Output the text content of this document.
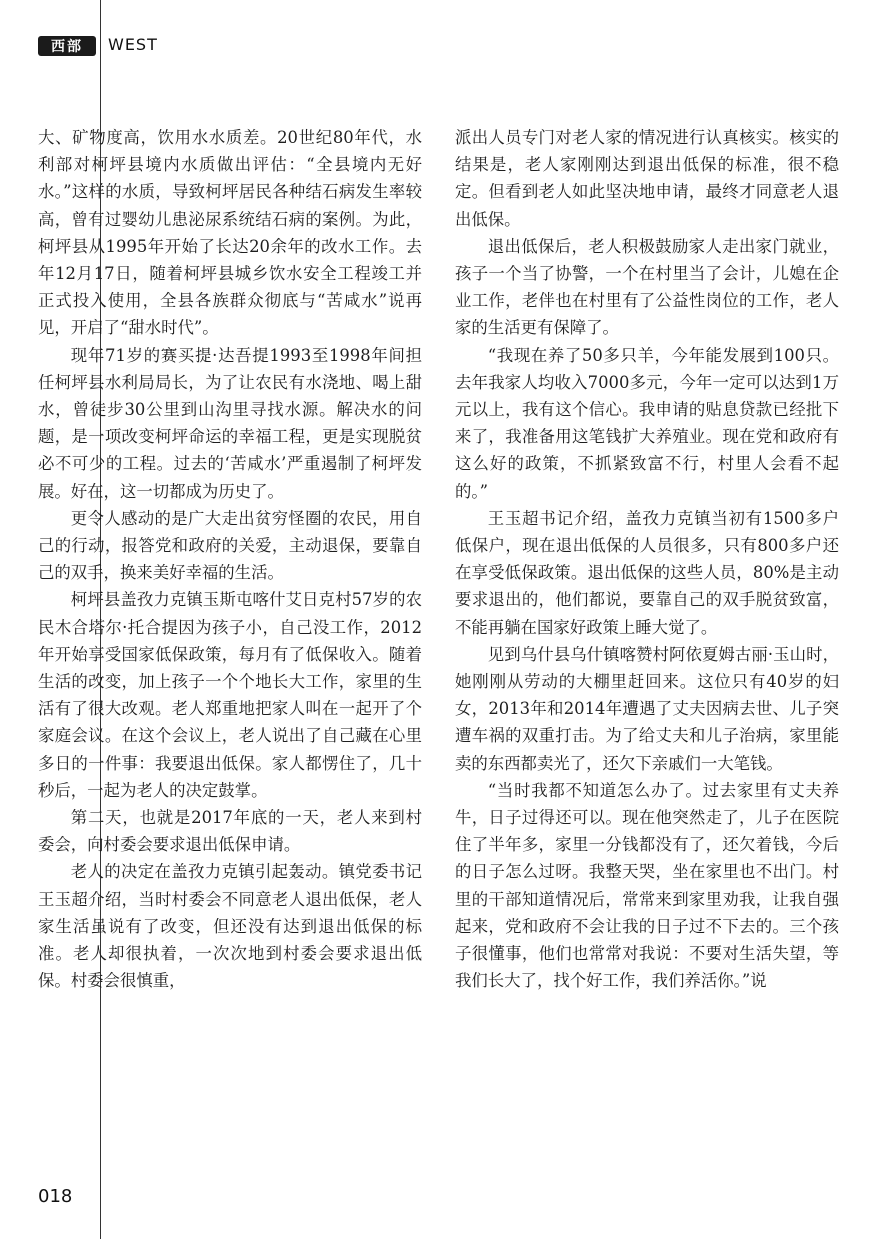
西部	WEST

大、矿物度高，饮用水水质差。20世纪80年代，水利部对柯坪县境内水质做出评估：“全县境内无好水。”这样的水质，导致柯坪居民各种结石病发生率较高，曾有过婴幼儿患泌尿系统结石病的案例。为此，柯坪县从1995年开始了长达20余年的改水工作。去年12月17日，随着柯坪县城乡饮水安全工程竣工并正式投入使用，全县各族群众彻底与“苦咸水”说再见，开启了“甜水时代”。

现年71岁的赛买提·达吾提1993至1998年间担任柯坪县水利局局长，为了让农民有水浇地、喝上甜水，曾徒步30公里到山沟里寻找水源。解决水的问题，是一项改变柯坪命运的幸福工程，更是实现脱贫必不可少的工程。过去的‘苦咸水’严重遏制了柯坪发展。好在，这一切都成为历史了。

更令人感动的是广大走出贫穷怪圈的农民，用自己的行动，报答党和政府的关爱，主动退保，要靠自己的双手，换来美好幸福的生活。

柯坪县盖孜力克镇玉斯屯喀什艾日克村57岁的农民木合塔尔·托合提因为孩子小，自己没工作，2012年开始享受国家低保政策，每月有了低保收入。随着生活的改变，加上孩子一个个地长大工作，家里的生活有了很大改观。老人郑重地把家人叫在一起开了个家庭会议。在这个会议上，老人说出了自己藏在心里多日的一件事：我要退出低保。家人都愣住了，几十秒后，一起为老人的决定鼓掌。

第二天，也就是2017年底的一天，老人来到村委会，向村委会要求退出低保申请。

老人的决定在盖孜力克镇引起轰动。镇党委书记王玉超介绍，当时村委会不同意老人退出低保，老人家生活虽说有了改变，但还没有达到退出低保的标准。老人却很执着，一次次地到村委会要求退出低保。村委会很慎重，

派出人员专门对老人家的情况进行认真核实。核实的结果是，老人家刚刚达到退出低保的标准，很不稳定。但看到老人如此坚决地申请，最终才同意老人退出低保。

退出低保后，老人积极鼓励家人走出家门就业，孩子一个当了协警，一个在村里当了会计，儿媳在企业工作，老伴也在村里有了公益性岗位的工作，老人家的生活更有保障了。

“我现在养了50多只羊，今年能发展到100只。去年我家人均收入7000多元，今年一定可以达到1万元以上，我有这个信心。我申请的贴息贷款已经批下来了，我准备用这笔钱扩大养殖业。现在党和政府有这么好的政策，不抓紧致富不行，村里人会看不起的。”

王玉超书记介绍，盖孜力克镇当初有1500多户低保户，现在退出低保的人员很多，只有800多户还在享受低保政策。退出低保的这些人员，80%是主动要求退出的，他们都说，要靠自己的双手脱贫致富，不能再躺在国家好政策上睡大觉了。

见到乌什县乌什镇喀赞村阿依夏姆古丽·玉山时，她刚刚从劳动的大棚里赶回来。这位只有40岁的妇女，2013年和2014年遭遇了丈夫因病去世、儿子突遭车祸的双重打击。为了给丈夫和儿子治病，家里能卖的东西都卖光了，还欠下亲戚们一大笔钱。

“当时我都不知道怎么办了。过去家里有丈夫养牛，日子过得还可以。现在他突然走了，儿子在医院住了半年多，家里一分钱都没有了，还欠着钱，今后的日子怎么过呀。我整天哭，坐在家里也不出门。村里的干部知道情况后，常常来到家里劝我，让我自强起来，党和政府不会让我的日子过不下去的。三个孩子很懂事，他们也常常对我说：不要对生活失望，等我们长大了，找个好工作，我们养活你。”说

018
